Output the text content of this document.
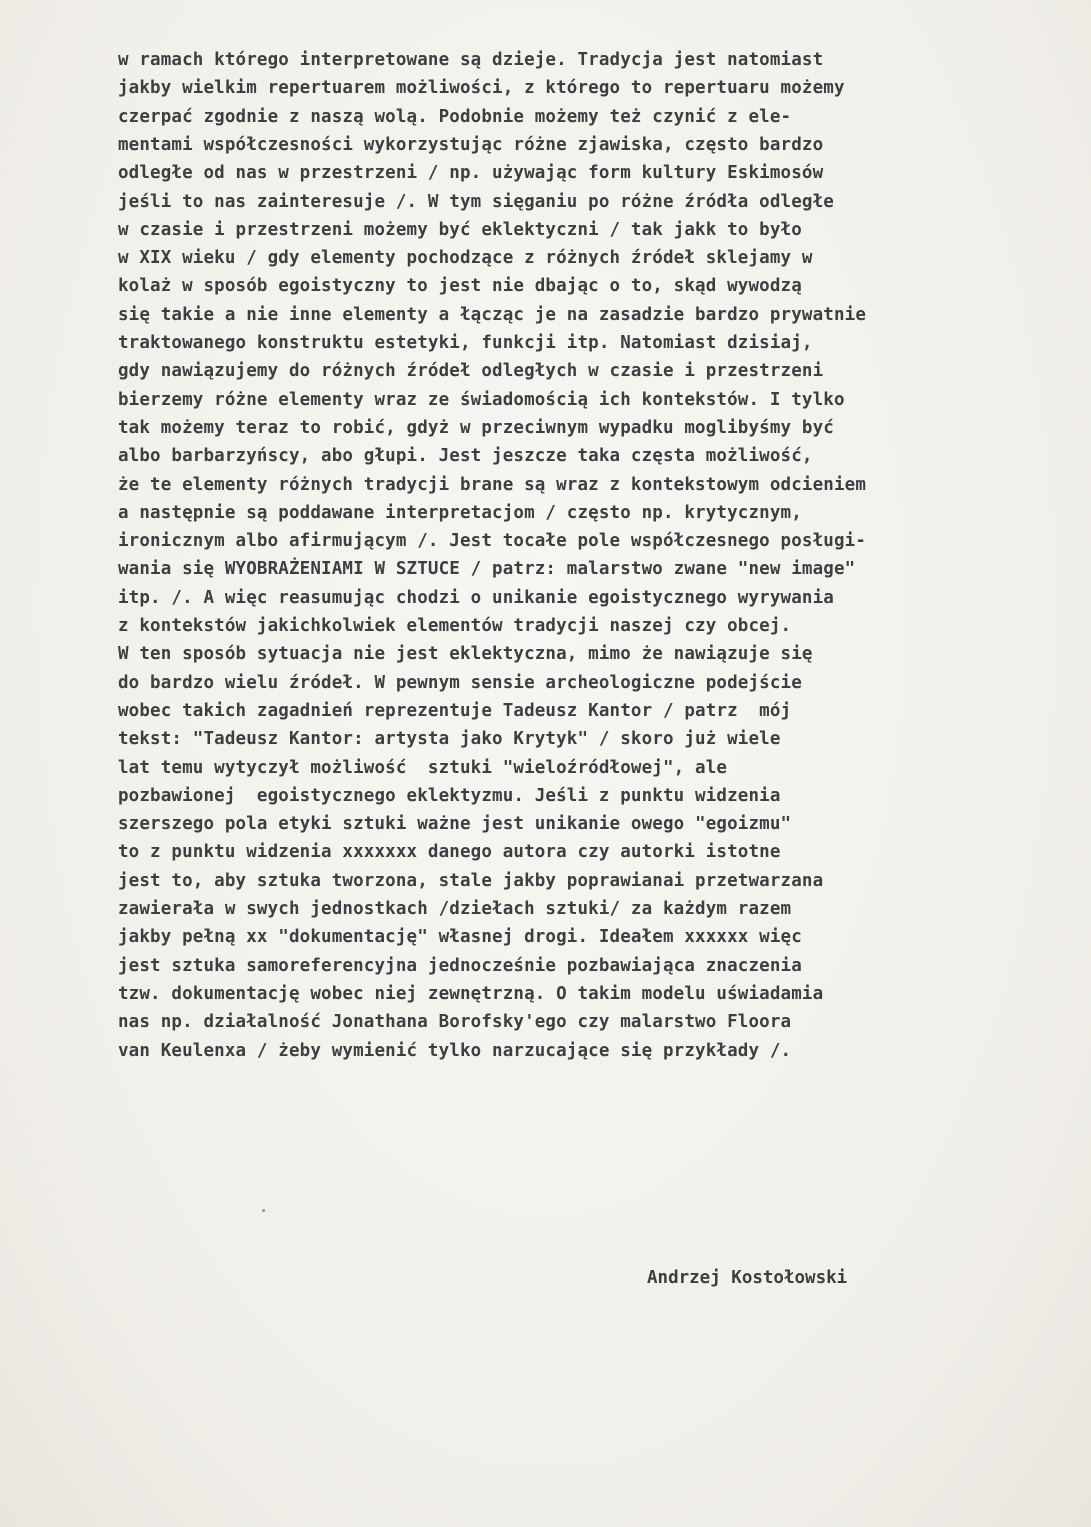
w ramach którego interpretowane są dzieje. Tradycja jest natomiast
jakby wielkim repertuarem możliwości, z którego to repertuaru możemy
czerpać zgodnie z naszą wolą. Podobnie możemy też czynić z ele-
mentami współczesności wykorzystując różne zjawiska, często bardzo
odległe od nas w przestrzeni / np. używając form kultury Eskimosów
jeśli to nas zainteresuje /. W tym sięganiu po różne źródła odległe
w czasie i przestrzeni możemy być eklektyczni / tak jakk to było
w XIX wieku / gdy elementy pochodzące z różnych źródeł sklejamy w
kolaż w sposób egoistyczny to jest nie dbając o to, skąd wywodzą
się takie a nie inne elementy a łącząc je na zasadzie bardzo prywatnie
traktowanego konstruktu estetyki, funkcji itp. Natomiast dzisiaj,
gdy nawiązujemy do różnych źródeł odległych w czasie i przestrzeni
bierzemy różne elementy wraz ze świadomością ich kontekstów. I tylko
tak możemy teraz to robić, gdyż w przeciwnym wypadku moglibyśmy być
albo barbarzyńscy, abo głupi. Jest jeszcze taka częsta możliwość,
że te elementy różnych tradycji brane są wraz z kontekstowym odcieniem
a następnie są poddawane interpretacjom / często np. krytycznym,
ironicznym albo afirmującym /. Jest tocałe pole współczesnego posługi-
wania się WYOBRAŻENIAMI W SZTUCE / patrz: malarstwo zwane "new image"
itp. /. A więc reasumując chodzi o unikanie egoistycznego wyrywania
z kontekstów jakichkolwiek elementów tradycji naszej czy obcej.
W ten sposób sytuacja nie jest eklektyczna, mimo że nawiązuje się
do bardzo wielu źródeł. W pewnym sensie archeologiczne podejście
wobec takich zagadnień reprezentuje Tadeusz Kantor / patrz  mój
tekst: "Tadeusz Kantor: artysta jako Krytyk" / skoro już wiele
lat temu wytyczył możliwość  sztuki "wieloźródłowej", ale
pozbawionej  egoistycznego eklektyzmu. Jeśli z punktu widzenia
szerszego pola etyki sztuki ważne jest unikanie owego "egoizmu"
to z punktu widzenia xxxxxxx danego autora czy autorki istotne
jest to, aby sztuka tworzona, stale jakby poprawianai przetwarzana
zawierała w swych jednostkach /dziełach sztuki/ za każdym razem
jakby pełną xx "dokumentację" własnej drogi. Ideałem xxxxxx więc
jest sztuka samoreferencyjna jednocześnie pozbawiająca znaczenia
tzw. dokumentację wobec niej zewnętrzną. O takim modelu uświadamia
nas np. działalność Jonathana Borofsky'ego czy malarstwo Floora
van Keulenxa / żeby wymienić tylko narzucające się przykłady /.
Andrzej Kostołowski
